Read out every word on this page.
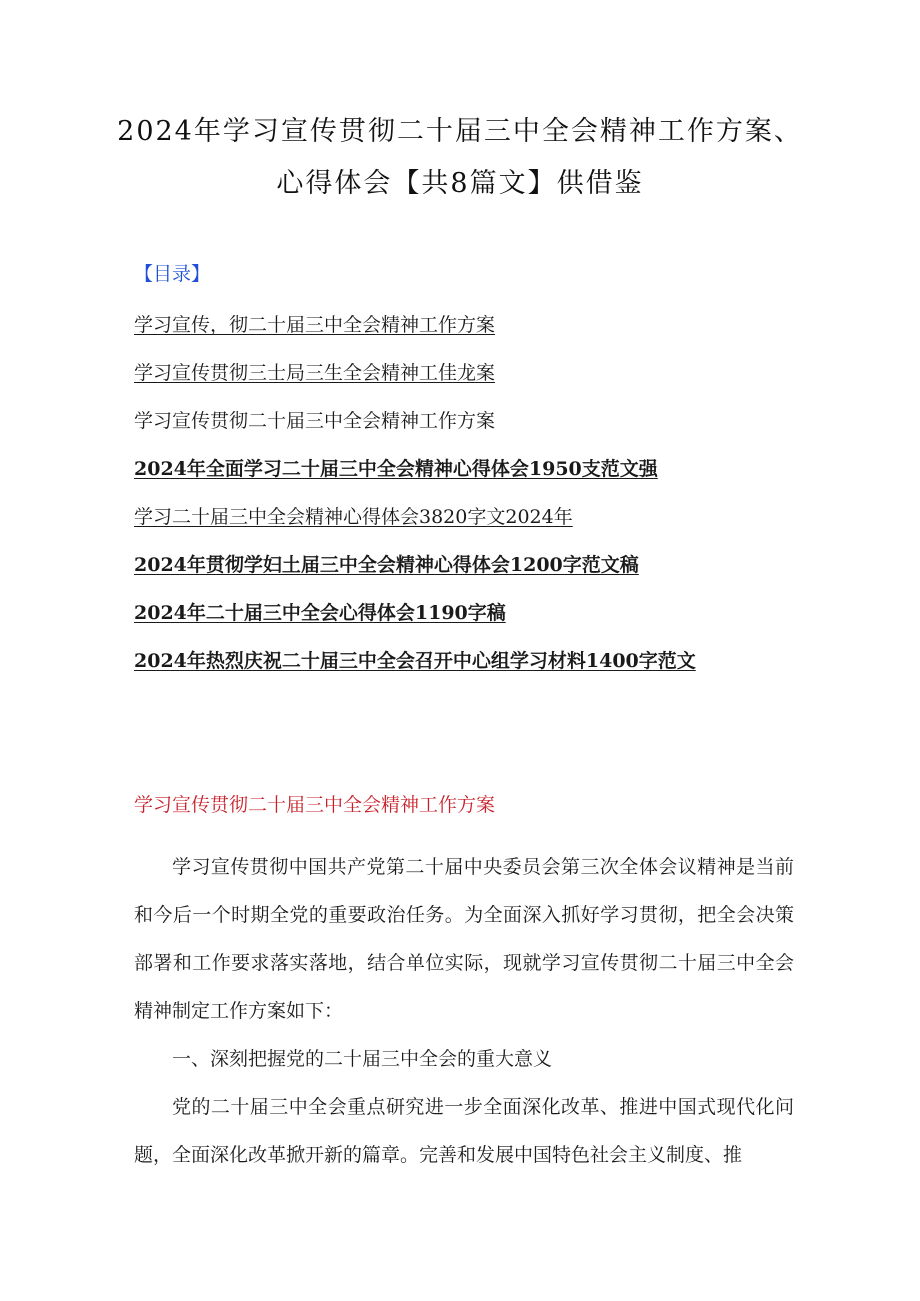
2024年学习宣传贯彻二十届三中全会精神工作方案、
心得体会【共8篇文】供借鉴
【目录】
学习宣传，彻二十届三中全会精神工作方案
学习宣传贯彻三士局三生全会精神工佳龙案
学习宣传贯彻二十届三中全会精神工作方案
2024年全面学习二十届三中全会精神心得体会1950支范文强
学习二十届三中全会精神心得体会3820字文2024年
2024年贯彻学妇土届三中全会精神心得体会1200字范文稿
2024年二十届三中全会心得体会1190字稿
2024年热烈庆祝二十届三中全会召开中心组学习材料1400字范文
学习宣传贯彻二十届三中全会精神工作方案

学习宣传贯彻中国共产党第二十届中央委员会第三次全体会议精神是当前和今后一个时期全党的重要政治任务。为全面深入抓好学习贯彻，把全会决策部署和工作要求落实落地，结合单位实际，现就学习宣传贯彻二十届三中全会精神制定工作方案如下：

一、深刻把握党的二十届三中全会的重大意义

党的二十届三中全会重点研究进一步全面深化改革、推进中国式现代化问题，全面深化改革掀开新的篇章。完善和发展中国特色社会主义制度、推
